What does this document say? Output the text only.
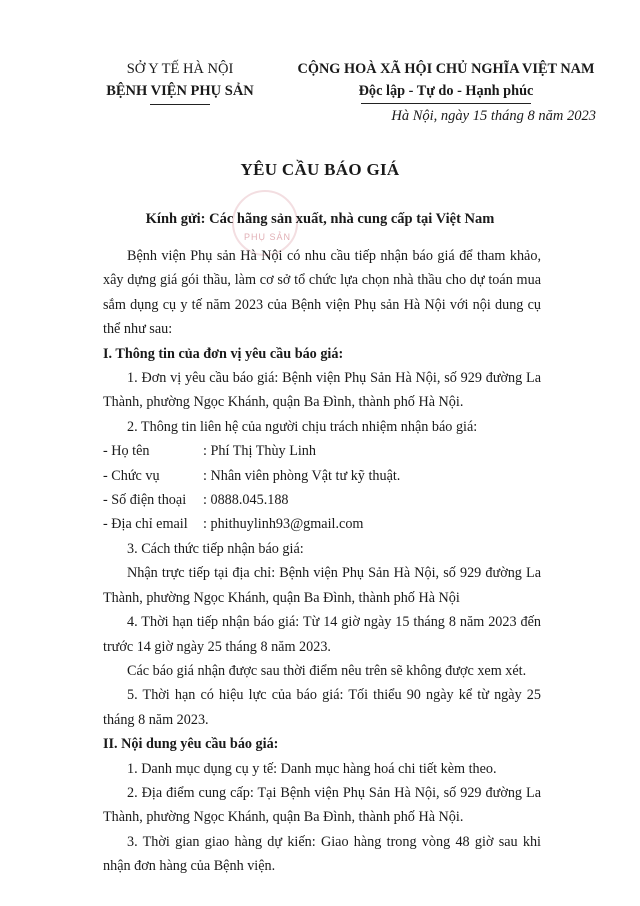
SỞ Y TẾ HÀ NỘI
BỆNH VIỆN PHỤ SẢN
CỘNG HOÀ XÃ HỘI CHỦ NGHĨA VIỆT NAM
Độc lập - Tự do - Hạnh phúc
Hà Nội, ngày 15 tháng 8 năm 2023
YÊU CẦU BÁO GIÁ
PHỤ SẢN
Kính gửi: Các hãng sản xuất, nhà cung cấp tại Việt Nam

Bệnh viện Phụ sản Hà Nội có nhu cầu tiếp nhận báo giá để tham khảo, xây dựng giá gói thầu, làm cơ sở tổ chức lựa chọn nhà thầu cho dự toán mua sắm dụng cụ y tế năm 2023 của Bệnh viện Phụ sản Hà Nội với nội dung cụ thể như sau:

I. Thông tin của đơn vị yêu cầu báo giá:

1. Đơn vị yêu cầu báo giá: Bệnh viện Phụ Sản Hà Nội, số 929 đường La Thành, phường Ngọc Khánh, quận Ba Đình, thành phố Hà Nội.

2. Thông tin liên hệ của người chịu trách nhiệm nhận báo giá:

- Họ tên	: Phí Thị Thùy Linh
- Chức vụ	: Nhân viên phòng Vật tư kỹ thuật.
- Số điện thoại	: 0888.045.188
- Địa chỉ email	: phithuylinh93@gmail.com

3. Cách thức tiếp nhận báo giá:

Nhận trực tiếp tại địa chỉ: Bệnh viện Phụ Sản Hà Nội, số 929 đường La Thành, phường Ngọc Khánh, quận Ba Đình, thành phố Hà Nội

4. Thời hạn tiếp nhận báo giá: Từ 14 giờ ngày 15 tháng 8 năm 2023 đến trước 14 giờ ngày 25 tháng 8 năm 2023.

Các báo giá nhận được sau thời điểm nêu trên sẽ không được xem xét.

5. Thời hạn có hiệu lực của báo giá: Tối thiểu 90 ngày kể từ ngày 25 tháng 8 năm 2023.

II. Nội dung yêu cầu báo giá:

1. Danh mục dụng cụ y tế: Danh mục hàng hoá chi tiết kèm theo.

2. Địa điểm cung cấp: Tại Bệnh viện Phụ Sản Hà Nội, số 929 đường La Thành, phường Ngọc Khánh, quận Ba Đình, thành phố Hà Nội.

3. Thời gian giao hàng dự kiến: Giao hàng trong vòng 48 giờ sau khi nhận đơn hàng của Bệnh viện.
